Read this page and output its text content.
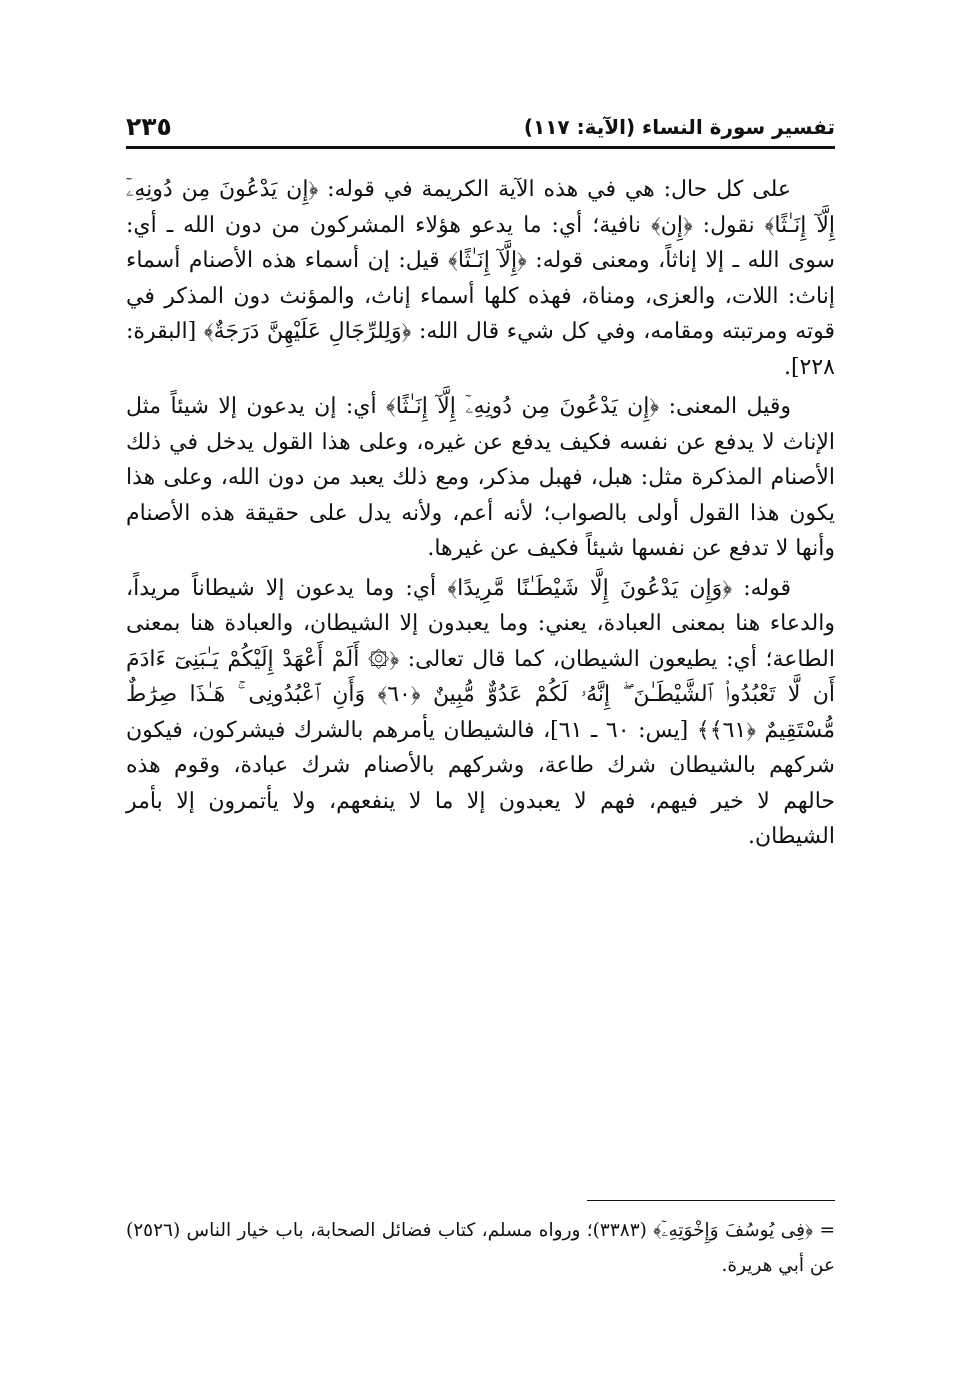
تفسير سورة النساء (الآية: ١١٧)
٢٣٥

على كل حال: هي في هذه الآية الكريمة في قوله: ﴿إِن يَدْعُونَ مِن دُونِهِۦٓ إِلَّآ إِنَـٰثًا﴾ نقول: ﴿إِن﴾ نافية؛ أي: ما يدعو هؤلاء المشركون من دون الله ـ أي: سوى الله ـ إلا إناثاً، ومعنى قوله: ﴿إِلَّآ إِنَـٰثًا﴾ قيل: إن أسماء هذه الأصنام أسماء إناث: اللات، والعزى، ومناة، فهذه كلها أسماء إناث، والمؤنث دون المذكر في قوته ومرتبته ومقامه، وفي كل شيء قال الله: ﴿وَلِلرِّجَالِ عَلَيْهِنَّ دَرَجَةٌ﴾ [البقرة: ٢٢٨].

وقيل المعنى: ﴿إِن يَدْعُونَ مِن دُونِهِۦٓ إِلَّآ إِنَـٰثًا﴾ أي: إن يدعون إلا شيئاً مثل الإناث لا يدفع عن نفسه فكيف يدفع عن غيره، وعلى هذا القول يدخل في ذلك الأصنام المذكرة مثل: هبل، فهبل مذكر، ومع ذلك يعبد من دون الله، وعلى هذا يكون هذا القول أولى بالصواب؛ لأنه أعم، ولأنه يدل على حقيقة هذه الأصنام وأنها لا تدفع عن نفسها شيئاً فكيف عن غيرها.

قوله: ﴿وَإِن يَدْعُونَ إِلَّا شَيْطَـٰنًا مَّرِيدًا﴾ أي: وما يدعون إلا شيطاناً مريداً، والدعاء هنا بمعنى العبادة، يعني: وما يعبدون إلا الشيطان، والعبادة هنا بمعنى الطاعة؛ أي: يطيعون الشيطان، كما قال تعالى: ﴿۞ أَلَمْ أَعْهَدْ إِلَيْكُمْ يَـٰبَنِىٓ ءَادَمَ أَن لَّا تَعْبُدُوا۟ ٱلشَّيْطَـٰنَ ۖ إِنَّهُۥ لَكُمْ عَدُوٌّ مُّبِينٌ ﴿٦٠﴾ وَأَنِ ٱعْبُدُونِى ۚ هَـٰذَا صِرَٰطٌ مُّسْتَقِيمٌ ﴿٦١﴾﴾ [يس: ٦٠ ـ ٦١]، فالشيطان يأمرهم بالشرك فيشركون، فيكون شركهم بالشيطان شرك طاعة، وشركهم بالأصنام شرك عبادة، وقوم هذه حالهم لا خير فيهم، فهم لا يعبدون إلا ما لا ينفعهم، ولا يأتمرون إلا بأمر الشيطان.

= ﴿فِى يُوسُفَ وَإِخْوَتِهِۦٓ﴾ (٣٣٨٣)؛ ورواه مسلم، كتاب فضائل الصحابة، باب خيار الناس (٢٥٢٦) عن أبي هريرة.
